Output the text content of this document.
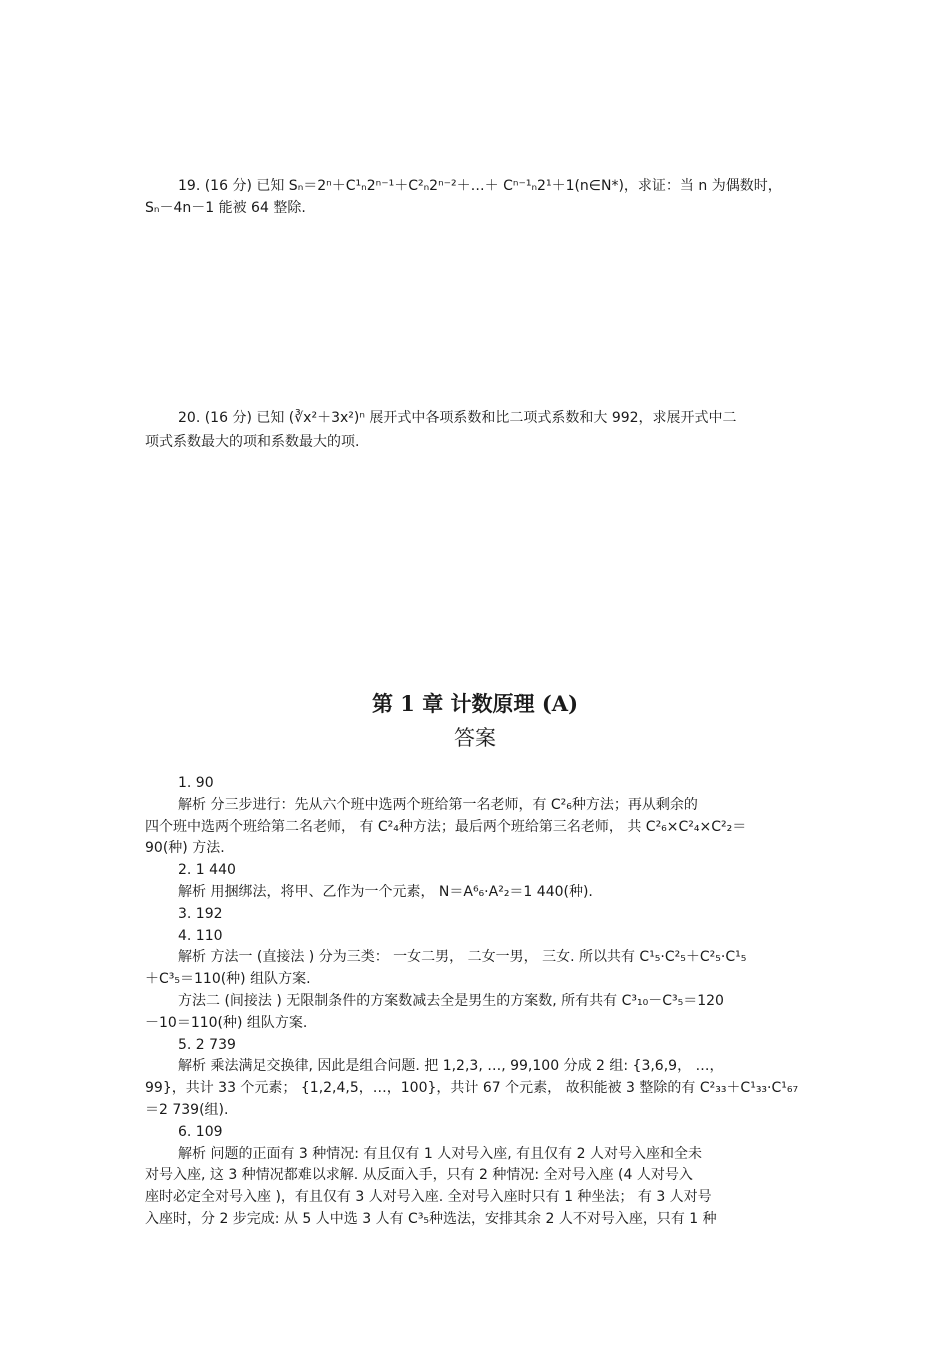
19. (16 分) 已知 Sₙ＝2ⁿ＋C¹ₙ2ⁿ⁻¹＋C²ₙ2ⁿ⁻²＋…＋ Cⁿ⁻¹ₙ2¹＋1(n∈N*)，求证：当 n 为偶数时，
Sₙ－4n－1 能被 64 整除.
20. (16 分) 已知 (∛x²＋3x²)ⁿ 展开式中各项系数和比二项式系数和大 992，求展开式中二
项式系数最大的项和系数最大的项.
第 1 章 计数原理 (A)
答案
1. 90
解析 分三步进行：先从六个班中选两个班给第一名老师，有 C²₆种方法；再从剩余的
四个班中选两个班给第二名老师， 有 C²₄种方法；最后两个班给第三名老师， 共 C²₆×C²₄×C²₂＝
90(种) 方法.
2. 1 440
解析 用捆绑法，将甲、乙作为一个元素， N＝A⁶₆·A²₂＝1 440(种).
3. 192
4. 110
解析 方法一 (直接法 ) 分为三类： 一女二男， 二女一男， 三女. 所以共有 C¹₅·C²₅＋C²₅·C¹₅
＋C³₅＝110(种) 组队方案.
方法二 (间接法 ) 无限制条件的方案数减去全是男生的方案数, 所有共有 C³₁₀－C³₅＝120
－10＝110(种) 组队方案.
5. 2 739
解析 乘法满足交换律, 因此是组合问题. 把 1,2,3, …, 99,100 分成 2 组: {3,6,9， …，
99}，共计 33 个元素； {1,2,4,5，…，100}，共计 67 个元素， 故积能被 3 整除的有 C²₃₃＋C¹₃₃·C¹₆₇
＝2 739(组).
6. 109
解析 问题的正面有 3 种情况: 有且仅有 1 人对号入座, 有且仅有 2 人对号入座和全未
对号入座, 这 3 种情况都难以求解. 从反面入手，只有 2 种情况: 全对号入座 (4 人对号入
座时必定全对号入座 )，有且仅有 3 人对号入座. 全对号入座时只有 1 种坐法； 有 3 人对号
入座时，分 2 步完成: 从 5 人中选 3 人有 C³₅种选法，安排其余 2 人不对号入座，只有 1 种
